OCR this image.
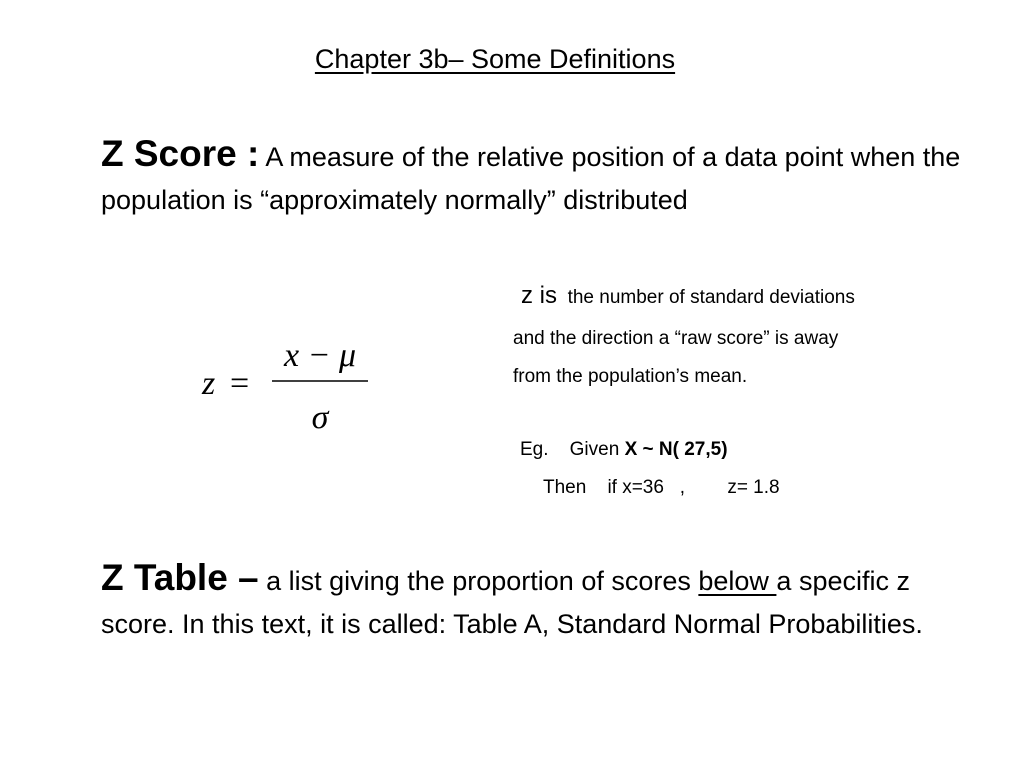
Chapter 3b– Some Definitions
Z Score : A measure of the relative position of a data point when the population is “approximately normally” distributed
z =
x − μ
σ
z is the number of standard deviations
and the direction a “raw score” is away
from the population’s mean.
Eg. Given X ~ N( 27,5)
Then if x=36 , z= 1.8
Z Table – a list giving the proportion of scores below a specific z score. In this text, it is called: Table A, Standard Normal Probabilities.
